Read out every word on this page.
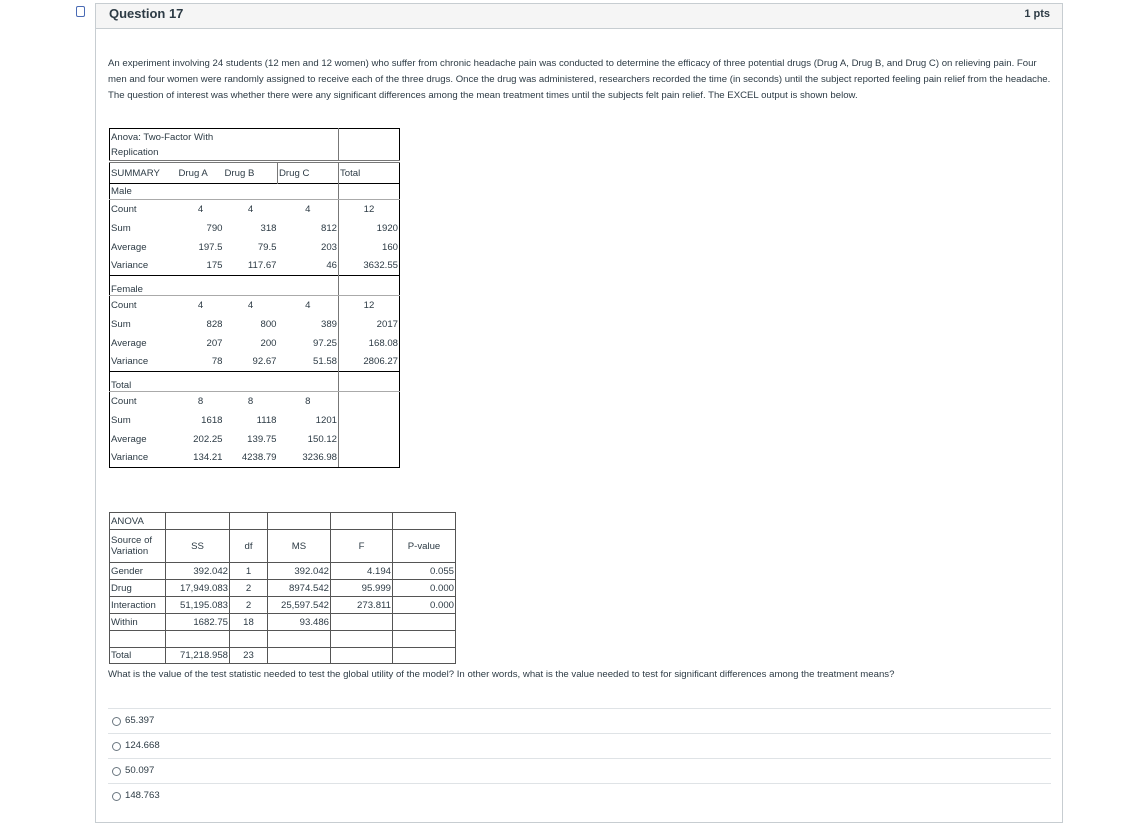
Question 17	1 pts

An experiment involving 24 students (12 men and 12 women) who suffer from chronic headache pain was conducted to determine the efficacy of three potential drugs (Drug A, Drug B, and Drug C) on relieving pain. Four men and four women were randomly assigned to receive each of the three drugs. Once the drug was administered, researchers recorded the time (in seconds) until the subject reported feeling pain relief from the headache. The question of interest was whether there were any significant differences among the mean treatment times until the subjects felt pain relief. The EXCEL output is shown below.

Anova: Two-Factor With				
Replication				
SUMMARY	Drug A	Drug B	Drug C	Total
Male				
Count	4	4	4	12
Sum	790	318	812	1920
Average	197.5	79.5	203	160
Variance	175	117.67	46	3632.55
Female				
Count	4	4	4	12
Sum	828	800	389	2017
Average	207	200	97.25	168.08
Variance	78	92.67	51.58	2806.27
Total				
Count	8	8	8	
Sum	1618	1118	1201	
Average	202.25	139.75	150.12	
Variance	134.21	4238.79	3236.98	
ANOVA					
Source of
Variation	SS	df	MS	F	P-value
Gender	392.042	1	392.042	4.194	0.055
Drug	17,949.083	2	8974.542	95.999	0.000
Interaction	51,195.083	2	25,597.542	273.811	0.000
Within	1682.75	18	93.486		

Total	71,218.958	23			

What is the value of the test statistic needed to test the global utility of the model? In other words, what is the value needed to test for significant differences among the treatment means?

65.397
124.668
50.097
148.763
